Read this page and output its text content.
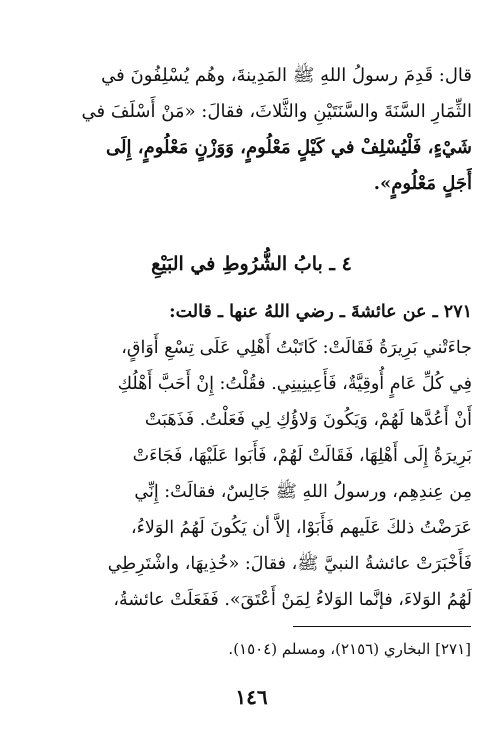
قال: قَدِمَ رسولُ اللهِ ﷺ المَدِينةَ، وهُم يُسْلِفُونَ في
الثِّمَارِ السَّنَةَ والسَّنَتَيْنِ والثَّلاثَ، فقالَ: «مَنْ أَسْلَفَ في
شَيْءٍ، فَلْيُسْلِفْ في كَيْلٍ مَعْلُومٍ، وَوَزْنٍ مَعْلُومٍ، إِلَى
أَجَلٍ مَعْلُومٍ».
٤ ـ بابُ الشُّرُوطِ في البَيْعِ
٢٧١ ـ عن عائشةَ ـ رضي اللهُ عنها ـ قالت:
جاءَتْني بَرِيرَةُ فَقَالَتْ: كَاتَبْتُ أَهْلِي عَلَى تِسْعِ أَوَاقٍ،
فِي كُلِّ عَامٍ أُوقِيَّةٌ، فَأَعِينِينِي. فقُلْتُ: إِنْ أَحَبَّ أَهْلُكِ
أَنْ أَعُدَّها لَهُمْ، وَيَكُونَ وَلاؤُكِ لِي فَعَلْتُ. فَذَهَبَتْ
بَرِيرَةُ إِلَى أَهْلِهَا، فَقَالَتْ لَهُمْ، فَأَبَوا عَلَيْهَا، فَجَاءَتْ
مِن عِندِهِم، ورسولُ اللهِ ﷺ جَالِسٌ، فقالَتْ: إِنِّي
عَرَضْتُ ذلكَ عَلَيهم فَأَبَوْا، إلاَّ أن يَكُونَ لَهُمُ الوَلاءُ،
فَأَخْبَرَتْ عائشةُ النبيَّ ﷺ، فقالَ: «خُذِيهَا، واشْتَرِطِي
لَهُمُ الوَلاءَ، فإنَّما الوَلاءُ لِمَنْ أَعْتَقَ». فَفَعَلَتْ عائشةُ،
[٢٧١] البخاري (٢١٥٦)، ومسلم (١٥٠٤).
١٤٦
